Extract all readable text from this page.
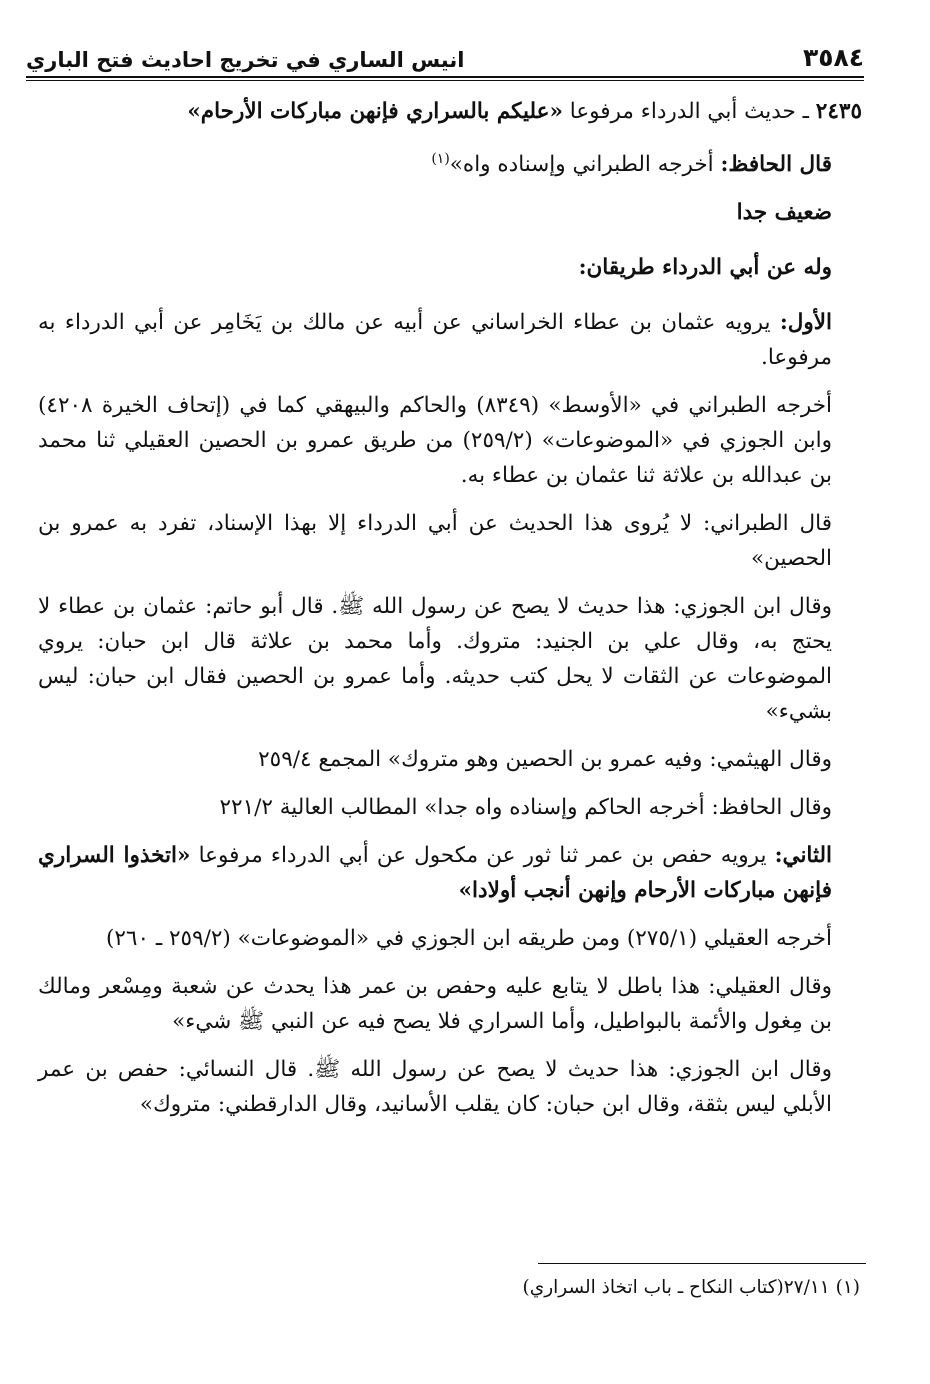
٣٥٨٤
انيس الساري في تخريج احاديث فتح الباري

٢٤٣٥ ـ حديث أبي الدرداء مرفوعا «عليكم بالسراري فإنهن مباركات الأرحام»

قال الحافظ: أخرجه الطبراني وإسناده واه»$^{(١)}$

ضعيف جدا

وله عن أبي الدرداء طريقان:

الأول: يرويه عثمان بن عطاء الخراساني عن أبيه عن مالك بن يَخَامِر عن أبي الدرداء به مرفوعا.

أخرجه الطبراني في «الأوسط» (٨٣٤٩) والحاكم والبيهقي كما في (إتحاف الخيرة ٤٢٠٨) وابن الجوزي في «الموضوعات» (٢٥٩/٢) من طريق عمرو بن الحصين العقيلي ثنا محمد بن عبدالله بن علاثة ثنا عثمان بن عطاء به.

قال الطبراني: لا يُروى هذا الحديث عن أبي الدرداء إلا بهذا الإسناد، تفرد به عمرو بن الحصين»

وقال ابن الجوزي: هذا حديث لا يصح عن رسول الله ﷺ. قال أبو حاتم: عثمان بن عطاء لا يحتج به، وقال علي بن الجنيد: متروك. وأما محمد بن علاثة قال ابن حبان: يروي الموضوعات عن الثقات لا يحل كتب حديثه. وأما عمرو بن الحصين فقال ابن حبان: ليس بشيء»

وقال الهيثمي: وفيه عمرو بن الحصين وهو متروك» المجمع ٢٥٩/٤

وقال الحافظ: أخرجه الحاكم وإسناده واه جدا» المطالب العالية ٢٢١/٢

الثاني: يرويه حفص بن عمر ثنا ثور عن مكحول عن أبي الدرداء مرفوعا «اتخذوا السراري فإنهن مباركات الأرحام وإنهن أنجب أولادا»

أخرجه العقيلي (٢٧٥/١) ومن طريقه ابن الجوزي في «الموضوعات» (٢٥٩/٢ ـ ٢٦٠)

وقال العقيلي: هذا باطل لا يتابع عليه وحفص بن عمر هذا يحدث عن شعبة ومِسْعر ومالك بن مِغول والأئمة بالبواطيل، وأما السراري فلا يصح فيه عن النبي ﷺ شيء»

وقال ابن الجوزي: هذا حديث لا يصح عن رسول الله ﷺ. قال النسائي: حفص بن عمر الأبلي ليس بثقة، وقال ابن حبان: كان يقلب الأسانيد، وقال الدارقطني: متروك»

(١) ٢٧/١١(كتاب النكاح ـ باب اتخاذ السراري)
